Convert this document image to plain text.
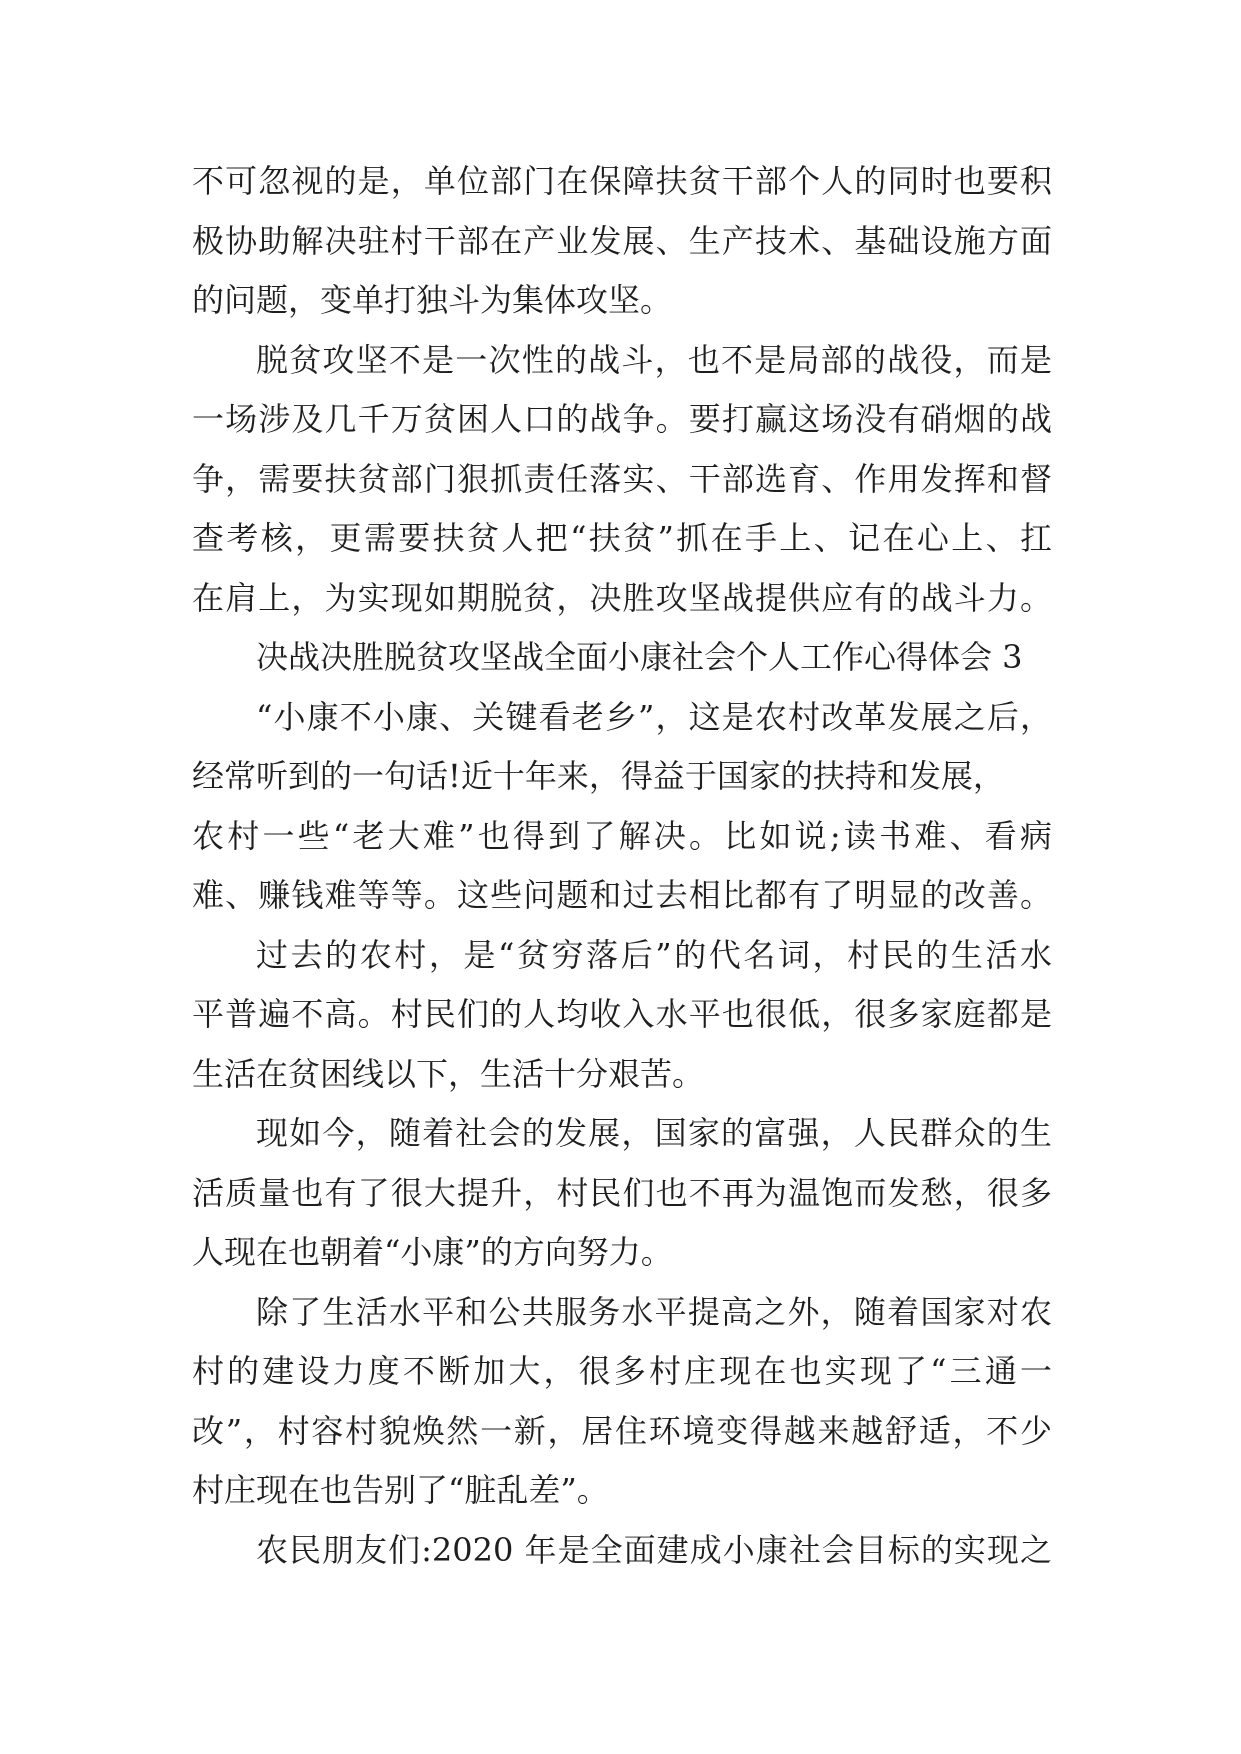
不可忽视的是，单位部门在保障扶贫干部个人的同时也要积
极协助解决驻村干部在产业发展、生产技术、基础设施方面
的问题，变单打独斗为集体攻坚。
脱贫攻坚不是一次性的战斗，也不是局部的战役，而是
一场涉及几千万贫困人口的战争。要打赢这场没有硝烟的战
争，需要扶贫部门狠抓责任落实、干部选育、作用发挥和督
查考核，更需要扶贫人把“扶贫”抓在手上、记在心上、扛
在肩上，为实现如期脱贫，决胜攻坚战提供应有的战斗力。
决战决胜脱贫攻坚战全面小康社会个人工作心得体会 3
“小康不小康、关键看老乡”，这是农村改革发展之后，
经常听到的一句话!近十年来，得益于国家的扶持和发展，
农村一些“老大难”也得到了解决。比如说;读书难、看病
难、赚钱难等等。这些问题和过去相比都有了明显的改善。
过去的农村，是“贫穷落后”的代名词，村民的生活水
平普遍不高。村民们的人均收入水平也很低，很多家庭都是
生活在贫困线以下，生活十分艰苦。
现如今，随着社会的发展，国家的富强，人民群众的生
活质量也有了很大提升，村民们也不再为温饱而发愁，很多
人现在也朝着“小康”的方向努力。
除了生活水平和公共服务水平提高之外，随着国家对农
村的建设力度不断加大，很多村庄现在也实现了“三通一
改”，村容村貌焕然一新，居住环境变得越来越舒适，不少
村庄现在也告别了“脏乱差”。
农民朋友们:2020 年是全面建成小康社会目标的实现之
